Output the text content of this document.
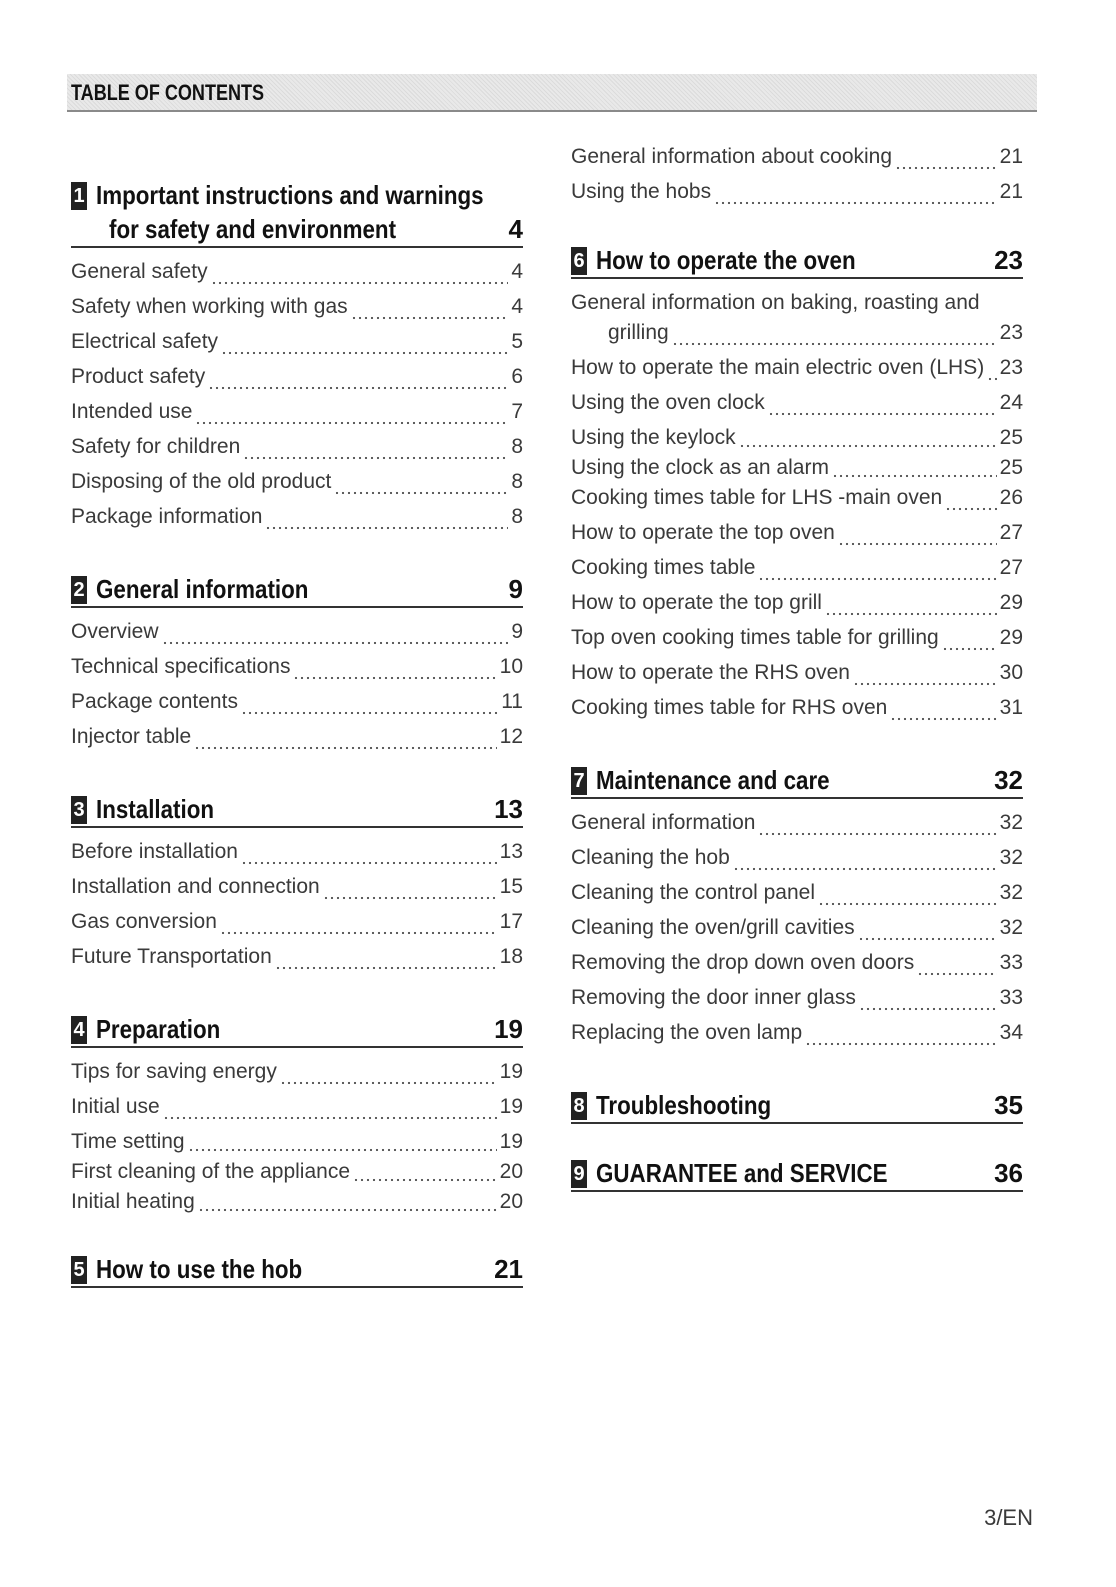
TABLE OF CONTENTS
1 Important instructions and warnings
for safety and environment	4
General safety	4
Safety when working with gas	4
Electrical safety	5
Product safety	6
Intended use	7
Safety for children	8
Disposing of the old product	8
Package information	8
2 General information	9
Overview	9
Technical specifications	10
Package contents	11
Injector table	12
3 Installation	13
Before installation	13
Installation and connection	15
Gas conversion	17
Future Transportation	18
4 Preparation	19
Tips for saving energy	19
Initial use	19
Time setting	19
First cleaning of the appliance	20
Initial heating	20
5 How to use the hob	21
General information about cooking	21
Using the hobs	21
6 How to operate the oven	23
General information on baking, roasting and
grilling	23
How to operate the main electric oven (LHS) 23
Using the oven clock	24
Using the keylock	25
Using the clock as an alarm	25
Cooking times table for LHS -main oven	26
How to operate the top oven	27
Cooking times table	27
How to operate the top grill	29
Top oven cooking times table for grilling	29
How to operate the RHS oven	30
Cooking times table for RHS oven	31
7 Maintenance and care	32
General information	32
Cleaning the hob	32
Cleaning the control panel	32
Cleaning the oven/grill cavities	32
Removing the drop down oven doors	33
Removing the door inner glass	33
Replacing the oven lamp	34
8 Troubleshooting	35
9 GUARANTEE and SERVICE	36
3/EN
